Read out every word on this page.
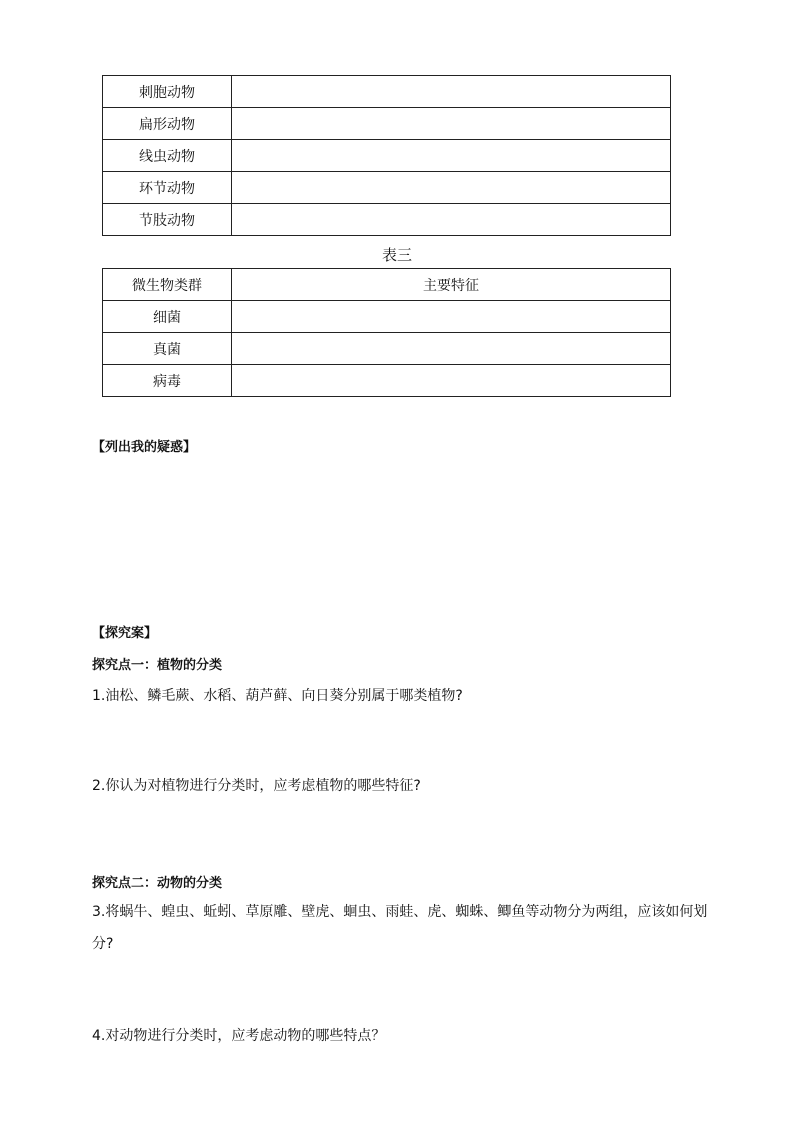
刺胞动物	
扁形动物	
线虫动物	
环节动物	
节肢动物	
表三
微生物类群	主要特征
细菌	
真菌	
病毒	
【列出我的疑惑】
【探究案】
探究点一：植物的分类
1.油松、鳞毛蕨、水稻、葫芦藓、向日葵分别属于哪类植物?
2.你认为对植物进行分类时，应考虑植物的哪些特征?
探究点二：动物的分类
3.将蜗牛、蝗虫、蚯蚓、草原雕、壁虎、蛔虫、雨蛙、虎、蜘蛛、鲫鱼等动物分为两组，应该如何划
分?
4.对动物进行分类时，应考虑动物的哪些特点？
